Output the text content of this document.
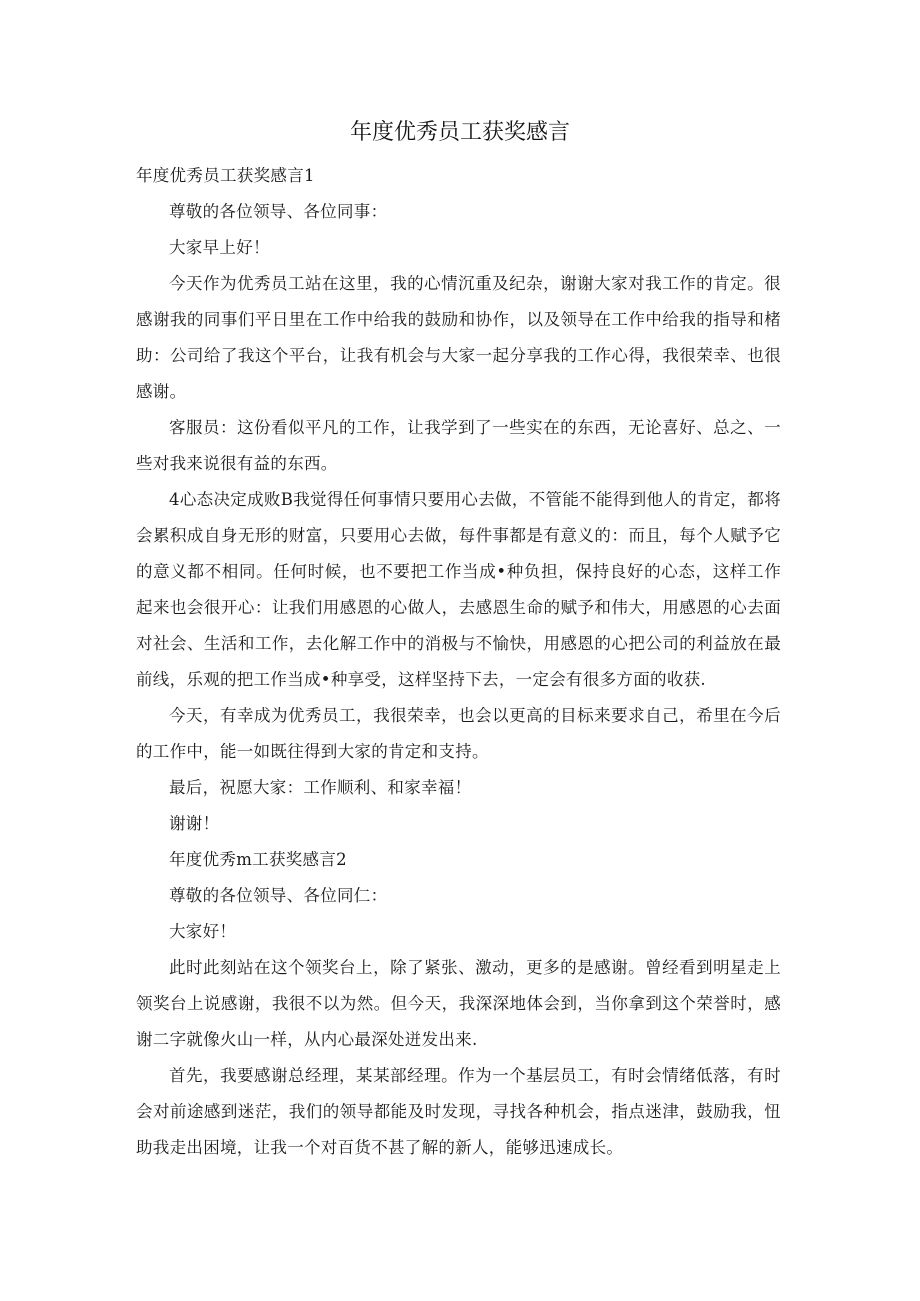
年度优秀员工获奖感言

年度优秀员工获奖感言1

尊敬的各位领导、各位同事：

大家早上好！

今天作为优秀员工站在这里，我的心情沉重及纪杂，谢谢大家对我工作的肯定。很感谢我的同事们平日里在工作中给我的鼓励和协作，以及领导在工作中给我的指导和楮助：公司给了我这个平台，让我有机会与大家一起分享我的工作心得，我很荣幸、也很感谢。

客服员：这份看似平凡的工作，让我学到了一些实在的东西，无论喜好、总之、一些对我来说很有益的东西。

4心态决定成败B我觉得任何事情只要用心去做，不管能不能得到他人的肯定，都将会累积成自身无形的财富，只要用心去做，每件事都是有意义的：而且，每个人赋予它的意义都不相同。任何时候，也不要把工作当成•种负担，保持良好的心态，这样工作起来也会很开心：让我们用感恩的心做人，去感恩生命的赋予和伟大，用感恩的心去面对社会、生活和工作，去化解工作中的消极与不愉快，用感恩的心把公司的利益放在最前线，乐观的把工作当成•种享受，这样坚持下去，一定会有很多方面的收获.

今天，有幸成为优秀员工，我很荣幸，也会以更高的目标来要求自己，希里在今后的工作中，能一如既往得到大家的肯定和支持。

最后，祝愿大家：工作顺利、和家幸福！

谢谢！

年度优秀m工获奖感言2

尊敬的各位领导、各位同仁：

大家好！

此时此刻站在这个领奖台上，除了紧张、激动，更多的是感谢。曾经看到明星走上领奖台上说感谢，我很不以为然。但今天，我深深地体会到，当你拿到这个荣誉时，感谢二字就像火山一样，从内心最深处迸发出来.

首先，我要感谢总经理，某某部经理。作为一个基层员工，有时会情绪低落，有时会对前途感到迷茫，我们的领导都能及时发现，寻找各种机会，指点迷津，鼓励我，忸助我走出困境，让我一个对百货不甚了解的新人，能够迅速成长。
